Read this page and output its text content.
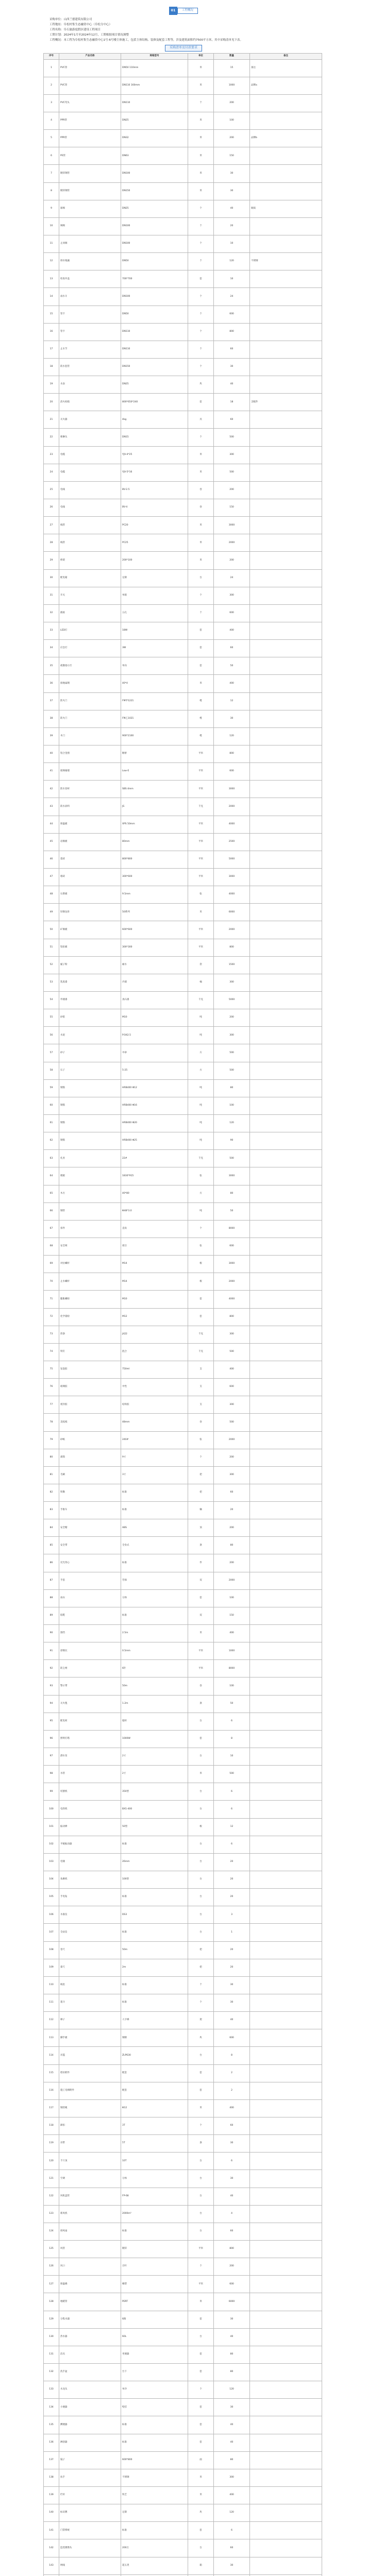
01	工程概况

采购单位：山西兰德建筑有限公司

工程地址：阜松村集生态融资中心（阜松分中心）

工程名称：阜石旅游度假区建设工程项目

工期计划：2024年1月至2024年12月，工期根据项目情况调整

工程概况：本工程为阜松村集生态融资中心1号-6号楼主体施工，包括主体结构、装修及配套工程等，涉及建筑面积约7500平方米，其中采购清单见下表。

采购清单及付款要求
序号	产品名称	规格型号	单位	数量	备注
1	PVC管	DN50 110mm	米	15	备注
2	PVC管	DN110 160mm	米	1000	品牌a
3	PVC弯头	DN110	个	200	
4	PPR管	DN25	米	100	
5	PPR管	DN32	米	200	品牌b
6	PE管	DN63	米	150	
7	镀锌钢管	DN100	米	30	
8	镀锌钢管	DN150	米	30	
9	球阀	DN25	个	40	铜质
10	闸阀	DN100	个	20	
11	止回阀	DN100	个	10	
12	排水地漏	DN50	个	120	不锈钢
13	检查井盖	700*700	套	10	
14	雨水斗	DN100	个	24	
15	管卡	DN50	个	600	
16	管卡	DN110	个	800	
17	止水节	DN110	个	60	
18	防水套管	DN150	个	30	
19	水表	DN25	块	40	
20	消火栓箱	800*650*240	套	18	含配件
21	灭火器	4kg	具	60	
22	喷淋头	DN15	个	500	
23	电缆	YJV-4*25	米	300	
24	电缆	YJV-5*16	米	500	
25	电线	BV-2.5	卷	200	
26	电线	BV-4	卷	150	
27	线管	PC20	米	3000	
28	线管	PC25	米	2000	
29	桥架	200*100	米	200	
30	配电箱	定制	台	24	
31	开关	单联	个	300	
32	插座	五孔	个	600	
33	LED灯	18W	套	400	
34	应急灯	3W	套	60	
35	疏散指示灯	单向	套	50	
36	接地扁钢	40*4	米	400	
37	防火门	FM甲1221	樘	12	
38	防火门	FM乙1021	樘	30	
39	木门	900*2100	樘	120	
40	铝合金窗	断桥	平米	800	
41	玻璃幕墙	Low-E	平米	600	
42	防水卷材	SBS 4mm	平米	3000	
43	防水涂料	JS	千克	2000	
44	保温板	XPS 50mm	平米	4000	
45	岩棉板	80mm	平米	2500	
46	瓷砖	800*800	平米	5000	
47	墙砖	300*600	平米	3000	
48	石膏板	9.5mm	张	4000	
49	轻钢龙骨	50系列	米	6000	
50	矿棉板	600*600	平米	2000	
51	铝扣板	300*300	平米	800	
52	腻子粉	耐水	袋	1500	
53	乳胶漆	内墙	桶	300	
54	外墙漆	真石漆	千克	5000	
55	砂浆	M10	吨	200	
56	水泥	P.O42.5	吨	300	
57	砂子	中砂	方	500	
58	石子	5-25	方	500	
59	钢筋	HRB400 Φ12	吨	80	
60	钢筋	HRB400 Φ16	吨	100	
61	钢筋	HRB400 Φ20	吨	120	
62	钢筋	HRB400 Φ25	吨	90	
63	扎丝	22#	千克	500	
64	模板	1830*915	张	3000	
65	木方	40*80	方	80	
66	钢管	Φ48*3.0	吨	50	
67	扣件	直角	个	8000	
68	安全网	密目	张	600	
69	对拉螺杆	M14	根	3000	
70	止水螺杆	M14	根	2000	
71	膨胀螺栓	M10	套	4000	
72	化学锚栓	M12	套	800	
73	焊条	J422	千克	300	
74	铁钉	混合	千克	500	
75	发泡胶	750ml	支	400	
76	玻璃胶	中性	支	600	
77	密封胶	结构胶	支	300	
78	美纹纸	48mm	卷	500	
79	砂纸	240#	张	2000	
80	滚筒	9寸	个	200	
81	毛刷	3寸	把	300	
82	铁锹	标准	把	60	
83	手推车	标准	辆	20	
84	安全帽	ABS	顶	200	
85	安全带	全身式	条	80	
86	反光背心	标准	件	200	
87	手套	劳保	双	2000	
88	雨衣	分体	套	100	
89	胶鞋	标准	双	150	
90	围挡	2.5m	米	400	
91	彩钢瓦	0.5mm	平米	1000	
92	防尘网	6针	平米	8000	
93	警示带	50m	卷	100	
94	灭火毯	1.2m	条	50	
95	配电柜	临时	台	6	
96	照明灯塔	1000W	套	8	
97	潜水泵	2寸	台	10	
98	水管	2寸	米	500	
99	切割机	350型	台	6	
100	电焊机	BX1-400	台	6	
101	振动棒	50型	根	12	
102	平板振动器	标准	台	6	
103	电锤	26mm	台	20	
104	角磨机	100型	台	20	
105	手电钻	标准	台	20	
106	水准仪	DS3	台	3	
107	全站仪	标准	台	1	
108	卷尺	50m	把	20	
109	靠尺	2m	把	20	
110	线坠	标准	个	30	
111	墨斗	标准	个	30	
112	梯子	人字梯	架	40	
113	脚手板	钢制	块	600	
114	吊篮	ZLP630	台	8	
115	塔吊附件	配套	套	2	
116	施工电梯附件	配套	套	2	
117	钢丝绳	Φ12	米	400	
118	卸扣	3T	个	60	
119	吊带	5T	条	30	
120	千斤顶	10T	台	6	
121	空调	分体	台	30	
122	风机盘管	FP-68	台	40	
123	新风机	2000m³	台	4	
124	排风扇	标准	台	60	
125	风管	镀锌	平米	800	
126	风口	百叶	个	200	
127	保温棉	橡塑	平米	600	
128	地暖管	PERT	米	6000	
129	分集水器	6路	套	30	
130	热水器	60L	台	40	
131	洁具	坐便器	套	80	
132	洗手盆	台下	套	80	
133	水龙头	单冷	个	120	
134	小便器	壁挂	套	30	
135	蹲便器	标准	套	40	
136	淋浴器	标准	套	40	
137	镜子	600*800	面	80	
138	扶手	不锈钢	米	300	
139	栏杆	铁艺	米	400	
140	标识牌	定制	块	120	
141	门禁系统	标准	套	6	
142	监控摄像头	200万	台	60	
143	网线	超五类	箱	30	
